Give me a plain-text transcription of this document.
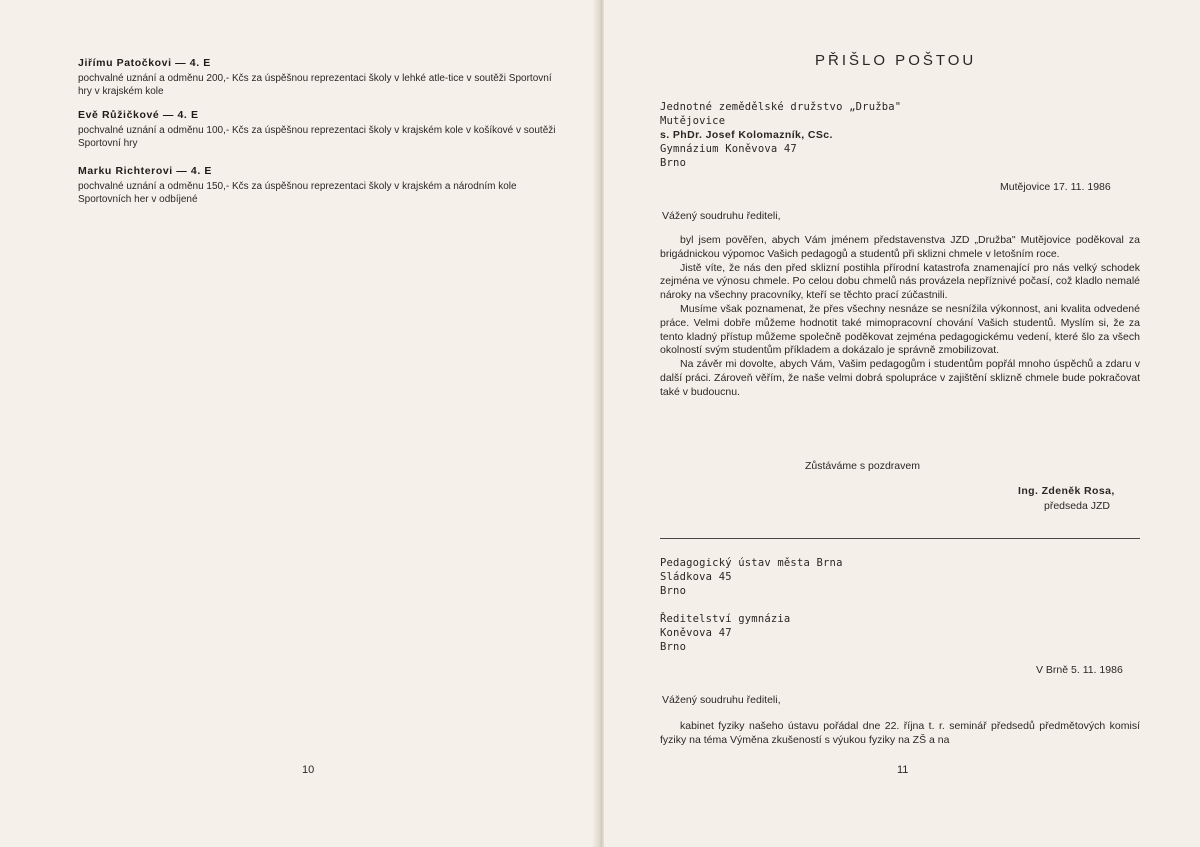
Jiřímu Patočkovi — 4. E

pochvalné uznání a odměnu 200,- Kčs za úspěšnou reprezentaci školy v lehké atle-tice v soutěži Sportovní hry v krajském kole

Evě Růžičkové — 4. E

pochvalné uznání a odměnu 100,- Kčs za úspěšnou reprezentaci školy v krajském kole v košíkové v soutěži Sportovní hry

Marku Richterovi — 4. E

pochvalné uznání a odměnu 150,- Kčs za úspěšnou reprezentaci školy v krajském a národním kole Sportovních her v odbíjené

10
PŘIŠLO POŠTOU
Jednotné zemědělské družstvo „Družba"
Mutějovice
s. PhDr. Josef Kolomazník, CSc.
Gymnázium Koněvova 47
Brno
Mutějovice 17. 11. 1986
Vážený soudruhu řediteli,

byl jsem pověřen, abych Vám jménem představenstva JZD „Družba" Mutějovice poděkoval za brigádnickou výpomoc Vašich pedagogů a studentů při sklizni chmele v letošním roce.

Jistě víte, že nás den před sklizní postihla přírodní katastrofa znamenající pro nás velký schodek zejména ve výnosu chmele. Po celou dobu chmelů nás provázela nepříznivé počasí, což kladlo nemalé nároky na všechny pracovníky, kteří se těchto prací zúčastnili.

Musíme však poznamenat, že přes všechny nesnáze se nesnížila výkonnost, ani kvalita odvedené práce. Velmi dobře můžeme hodnotit také mimopracovní chování Vašich studentů. Myslím si, že za tento kladný přístup můžeme společně poděkovat zejména pedagogickému vedení, které šlo za všech okolností svým studentům příkladem a dokázalo je správně zmobilizovat.

Na závěr mi dovolte, abych Vám, Vašim pedagogům i studentům popřál mnoho úspěchů a zdaru v další práci. Zároveň věřím, že naše velmi dobrá spolupráce v zajištění sklizně chmele bude pokračovat také v budoucnu.

Zůstáváme s pozdravem
Ing. Zdeněk Rosa,
předseda JZD
Pedagogický ústav města Brna
Sládkova 45
Brno
Ředitelství gymnázia
Koněvova 47
Brno
V Brně 5. 11. 1986
Vážený soudruhu řediteli,

kabinet fyziky našeho ústavu pořádal dne 22. října t. r. seminář předsedů předmětových komisí fyziky na téma Výměna zkušeností s výukou fyziky na ZŠ a na

11
